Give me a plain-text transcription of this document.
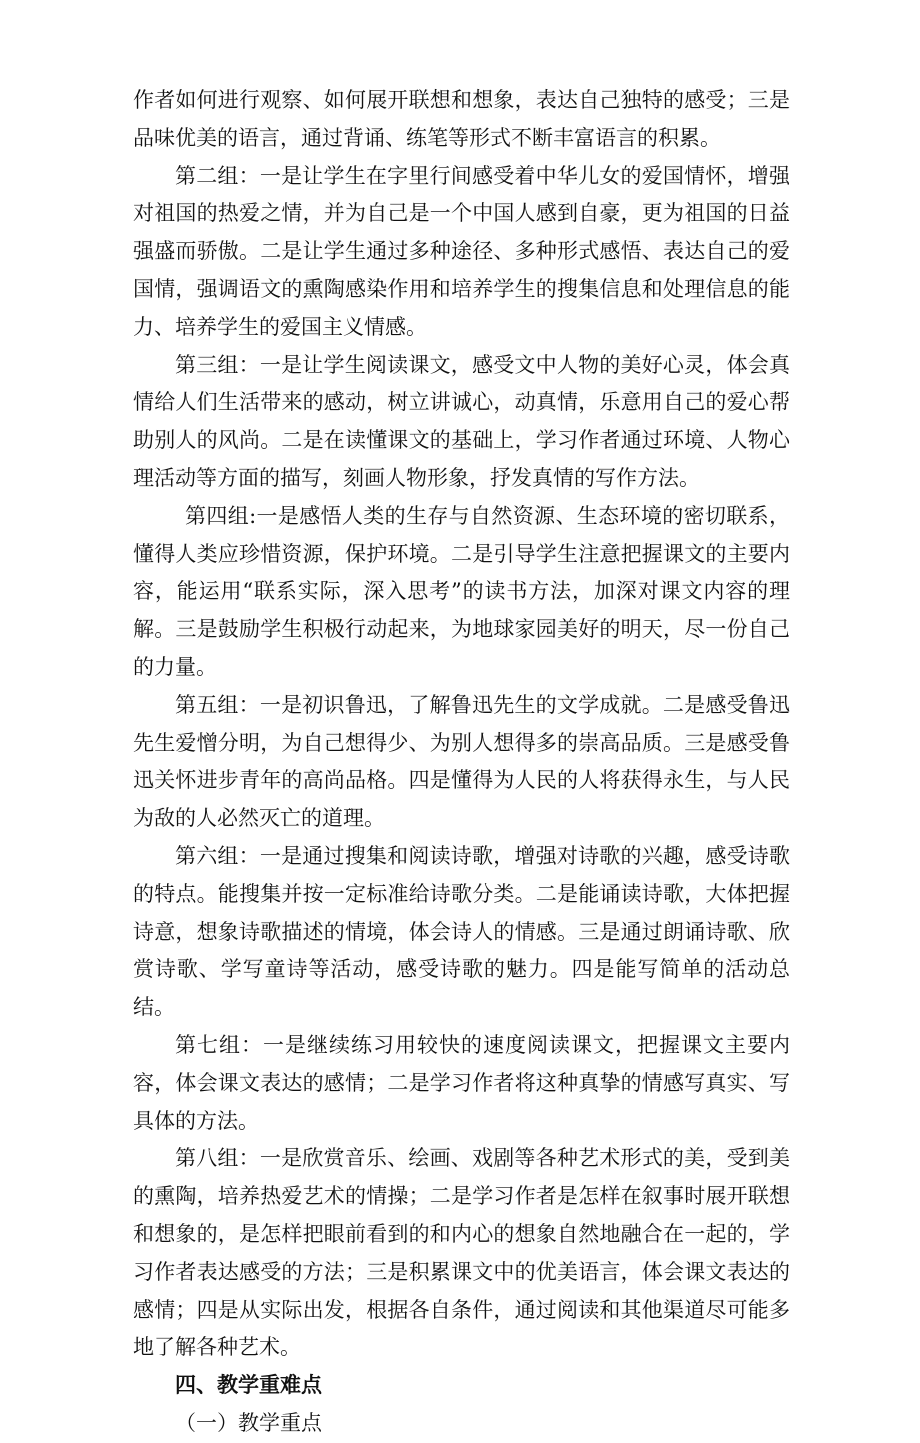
作者如何进行观察、如何展开联想和想象，表达自己独特的感受；三是品味优美的语言，通过背诵、练笔等形式不断丰富语言的积累。

第二组：一是让学生在字里行间感受着中华儿女的爱国情怀，增强对祖国的热爱之情，并为自己是一个中国人感到自豪，更为祖国的日益强盛而骄傲。二是让学生通过多种途径、多种形式感悟、表达自己的爱国情，强调语文的熏陶感染作用和培养学生的搜集信息和处理信息的能力、培养学生的爱国主义情感。

第三组：一是让学生阅读课文，感受文中人物的美好心灵，体会真情给人们生活带来的感动，树立讲诚心，动真情，乐意用自己的爱心帮助别人的风尚。二是在读懂课文的基础上，学习作者通过环境、人物心理活动等方面的描写，刻画人物形象，抒发真情的写作方法。

第四组:一是感悟人类的生存与自然资源、生态环境的密切联系，懂得人类应珍惜资源，保护环境。二是引导学生注意把握课文的主要内容，能运用“联系实际，深入思考”的读书方法，加深对课文内容的理解。三是鼓励学生积极行动起来，为地球家园美好的明天，尽一份自己的力量。

第五组：一是初识鲁迅，了解鲁迅先生的文学成就。二是感受鲁迅先生爱憎分明，为自己想得少、为别人想得多的崇高品质。三是感受鲁迅关怀进步青年的高尚品格。四是懂得为人民的人将获得永生，与人民为敌的人必然灭亡的道理。

第六组：一是通过搜集和阅读诗歌，增强对诗歌的兴趣，感受诗歌的特点。能搜集并按一定标准给诗歌分类。二是能诵读诗歌，大体把握诗意，想象诗歌描述的情境，体会诗人的情感。三是通过朗诵诗歌、欣赏诗歌、学写童诗等活动，感受诗歌的魅力。四是能写简单的活动总结。

第七组：一是继续练习用较快的速度阅读课文，把握课文主要内容，体会课文表达的感情；二是学习作者将这种真挚的情感写真实、写具体的方法。

第八组：一是欣赏音乐、绘画、戏剧等各种艺术形式的美，受到美的熏陶，培养热爱艺术的情操；二是学习作者是怎样在叙事时展开联想和想象的，是怎样把眼前看到的和内心的想象自然地融合在一起的，学习作者表达感受的方法；三是积累课文中的优美语言，体会课文表达的感情；四是从实际出发，根据各自条件，通过阅读和其他渠道尽可能多地了解各种艺术。

四、教学重难点

（一）教学重点
